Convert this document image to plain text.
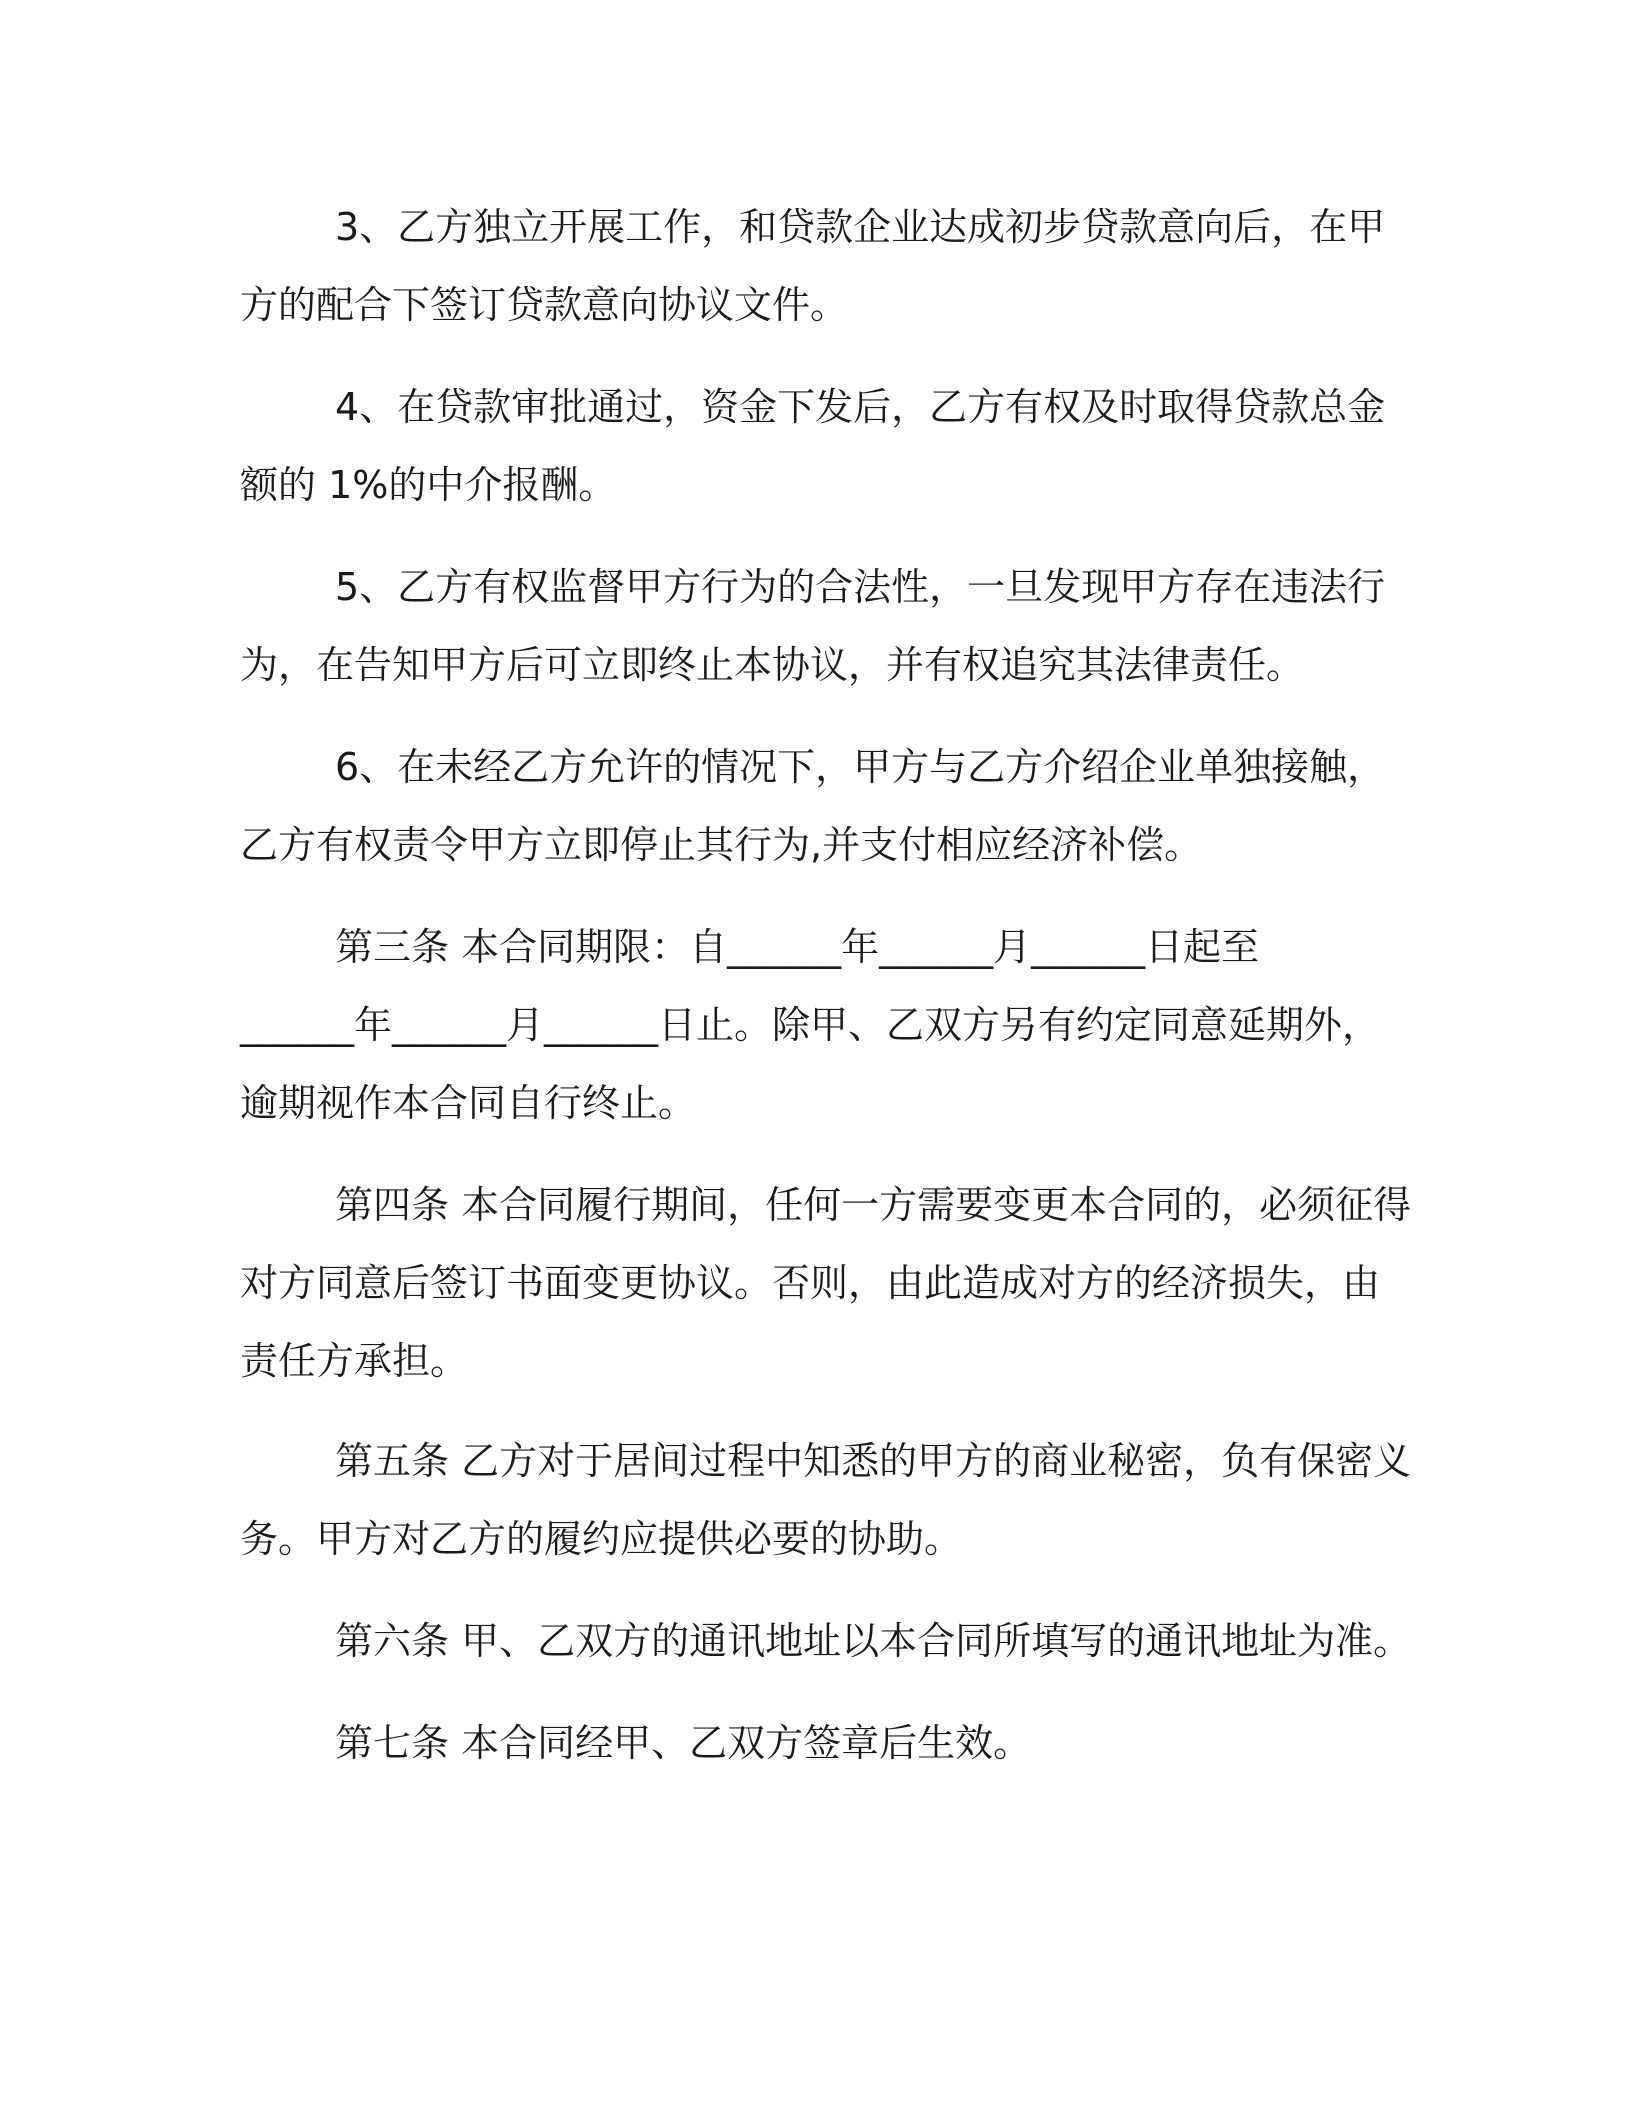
3、乙方独立开展工作，和贷款企业达成初步贷款意向后，在甲
方的配合下签订贷款意向协议文件。
4、在贷款审批通过，资金下发后，乙方有权及时取得贷款总金
额的 1%的中介报酬。
5、乙方有权监督甲方行为的合法性，一旦发现甲方存在违法行
为，在告知甲方后可立即终止本协议，并有权追究其法律责任。
6、在未经乙方允许的情况下，甲方与乙方介绍企业单独接触，
乙方有权责令甲方立即停止其行为,并支付相应经济补偿。
第三条 本合同期限：自______年______月______日起至
______年______月______日止。除甲、乙双方另有约定同意延期外，
逾期视作本合同自行终止。
第四条 本合同履行期间，任何一方需要变更本合同的，必须征得
对方同意后签订书面变更协议。否则，由此造成对方的经济损失，由
责任方承担。
第五条 乙方对于居间过程中知悉的甲方的商业秘密，负有保密义
务。甲方对乙方的履约应提供必要的协助。
第六条 甲、乙双方的通讯地址以本合同所填写的通讯地址为准。
第七条 本合同经甲、乙双方签章后生效。
